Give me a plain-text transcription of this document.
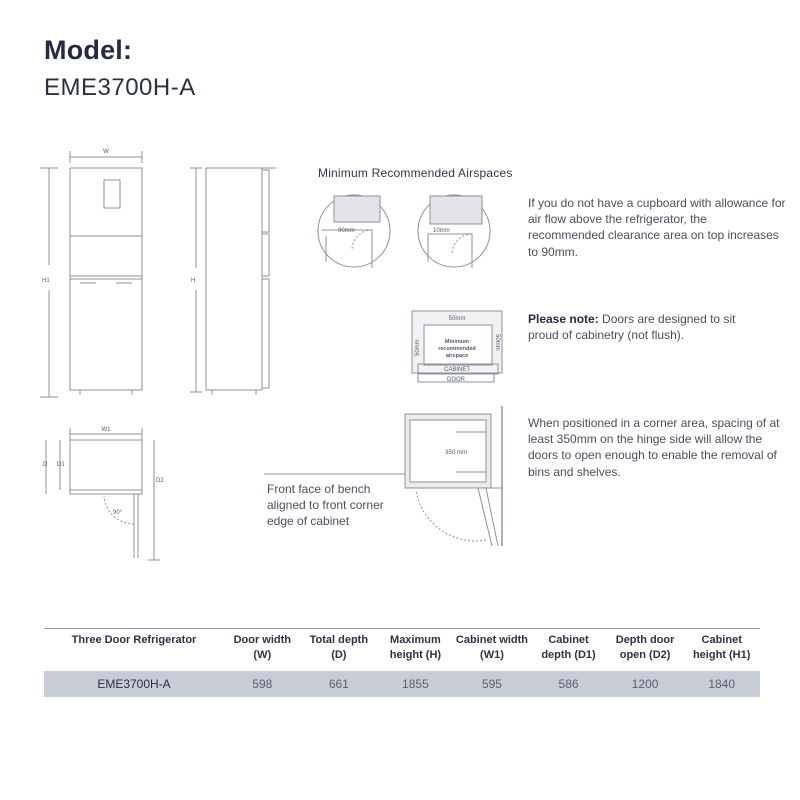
Model:
EME3700H-A
W
H1	H
W1
D D1
D2
90°
90mm	10mm
50mm
50mm	50mm
Minimum
recommended
airspace
CABINET
DOOR
350 mm
Minimum Recommended Airspaces
If you do not have a cupboard with allowance for air flow above the refrigerator, the recommended clearance area on top increases to 90mm.
Please note: Doors are designed to sit proud of cabinetry (not flush).
When positioned in a corner area, spacing of at least 350mm on the hinge side will allow the doors to open enough to enable the removal of bins and shelves.
Front face of bench aligned to front corner edge of cabinet
Three Door Refrigerator	Door width (W)	Total depth (D)	Maximum height (H)	Cabinet width (W1)	Cabinet depth (D1)	Depth door open (D2)	Cabinet height (H1)
EME3700H-A	598	661	1855	595	586	1200	1840
